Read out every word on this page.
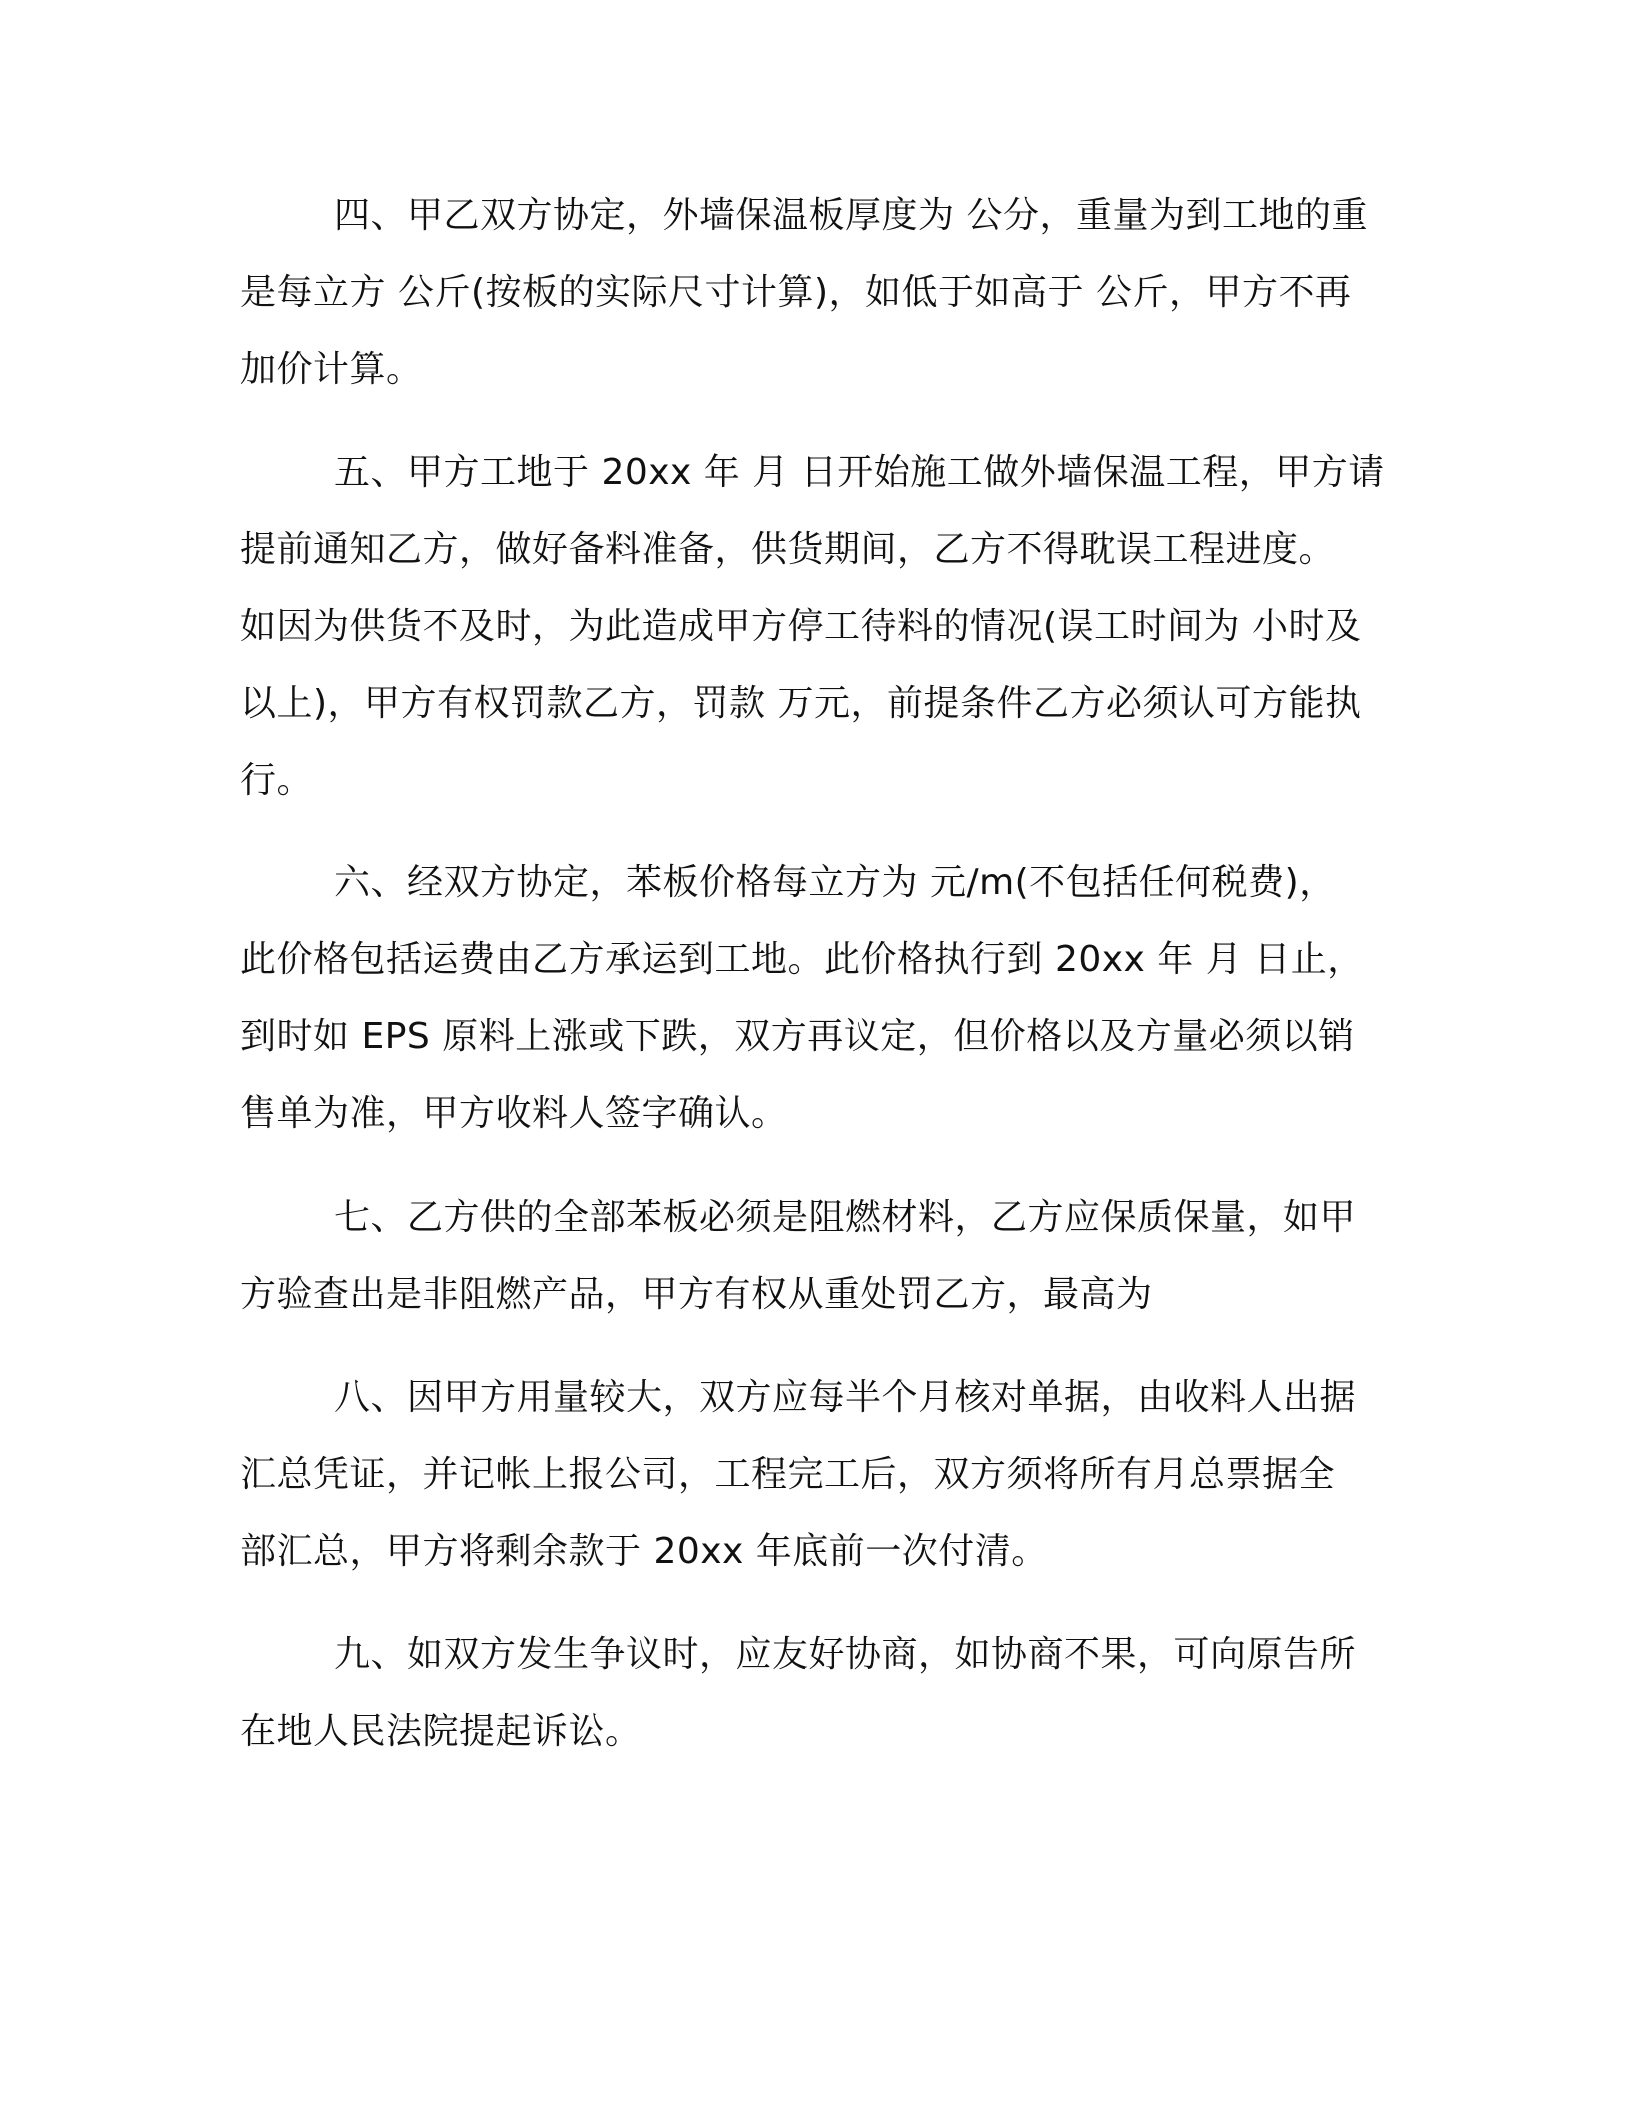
四、甲乙双方协定，外墙保温板厚度为 公分，重量为到工地的重
是每立方 公斤(按板的实际尺寸计算)，如低于如高于 公斤，甲方不再
加价计算。
五、甲方工地于 20xx 年 月 日开始施工做外墙保温工程，甲方请
提前通知乙方，做好备料准备，供货期间，乙方不得耽误工程进度。
如因为供货不及时，为此造成甲方停工待料的情况(误工时间为 小时及
以上)，甲方有权罚款乙方，罚款 万元，前提条件乙方必须认可方能执
行。
六、经双方协定，苯板价格每立方为 元/m(不包括任何税费)，
此价格包括运费由乙方承运到工地。此价格执行到 20xx 年 月 日止，
到时如 EPS 原料上涨或下跌，双方再议定，但价格以及方量必须以销
售单为准，甲方收料人签字确认。
七、乙方供的全部苯板必须是阻燃材料，乙方应保质保量，如甲
方验查出是非阻燃产品，甲方有权从重处罚乙方，最高为
八、因甲方用量较大，双方应每半个月核对单据，由收料人出据
汇总凭证，并记帐上报公司，工程完工后，双方须将所有月总票据全
部汇总，甲方将剩余款于 20xx 年底前一次付清。
九、如双方发生争议时，应友好协商，如协商不果，可向原告所
在地人民法院提起诉讼。
